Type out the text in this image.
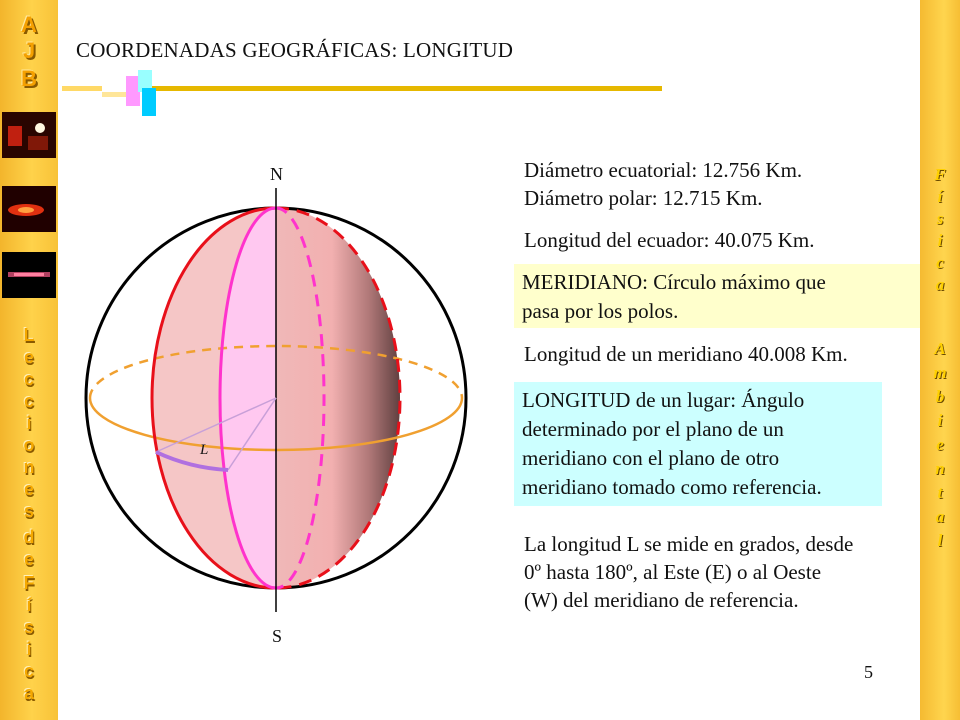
A
J
B
L
e
c
c
i
o
n
e
s
d
e
F
í
s
i
c
a
F
í
s
i
c
a
A
m
b
i
e
n
t
a
l
COORDENADAS GEOGRÁFICAS: LONGITUD
N
S
L
Diámetro ecuatorial: 12.756 Km.
Diámetro polar: 12.715 Km.
Longitud del ecuador: 40.075 Km.
MERIDIANO: Círculo máximo que
pasa por los polos.
Longitud de un meridiano 40.008 Km.
LONGITUD de un lugar: Ángulo
determinado por el plano de un
meridiano con el plano de otro
meridiano tomado como referencia.
La longitud L se mide en grados, desde
0º hasta 180º, al Este (E) o al Oeste
(W) del meridiano de referencia.
5
